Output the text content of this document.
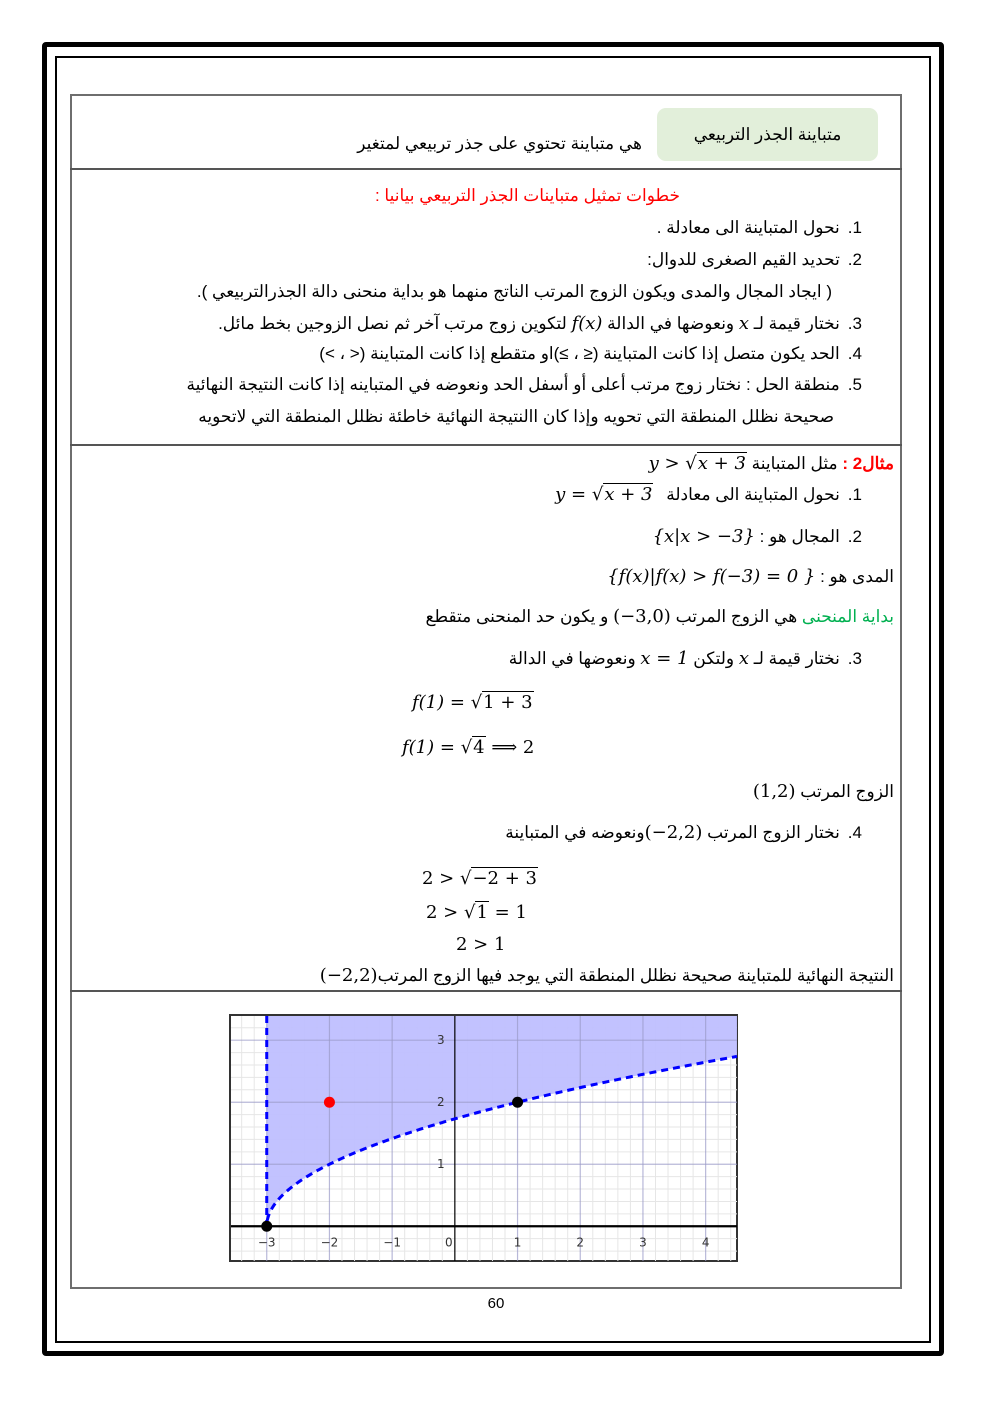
متباينة الجذر التربيعي
هي متباينة تحتوي على جذر تربيعي لمتغير
خطوات تمثيل متباينات الجذر التربيعي بيانيا :
1.نحول المتباينة الى معادلة .
2.تحديد القيم الصغرى للدوال:
( ايجاد المجال والمدى ويكون الزوج المرتب الناتج منهما هو بداية منحنى دالة الجذرالتربيعي ).
3.نختار قيمة لـ x ونعوضها في الدالة f(x) لتكوين زوج مرتب آخر ثم نصل الزوجين بخط مائل.
4.الحد يكون متصل إذا كانت المتباينة (≤ ، ≥)او متقطع إذا كانت المتباينة (< ، >)
5.منطقة الحل : نختار زوج مرتب أعلى أو أسفل الحد ونعوضه في المتباينه إذا كانت النتيجة النهائية
صحيحة نظلل المنطقة التي تحويه وإذا كان االنتيجة النهائية خاطئة نظلل المنطقة التي لاتحويه
مثال2 : مثل المتباينة y > √x + 3
1.نحول المتباينة الى معادلة y = √x + 3
2.المجال هو : {x|x > −3}
المدى هو : {f(x)|f(x) > f(−3) = 0 }
بداية المنحنى هي الزوج المرتب (−3,0) و يكون حد المنحنى متقطع
3.نختار قيمة لـ x ولتكن x = 1 ونعوضها في الدالة
f(1) = √1 + 3
f(1) = √4 ⟹ 2
الزوج المرتب (1,2)
4.نختار الزوج المرتب (−2,2)ونعوضه في المتباينة
2 > √−2 + 3
2 > √1 = 1
2 > 1
النتيجة النهائية للمتباينة صحيحة نظلل المنطقة التي يوجد فيها الزوج المرتب(−2,2)
−3	−2	−1	0	1	2	3	4
1
2
3
60
